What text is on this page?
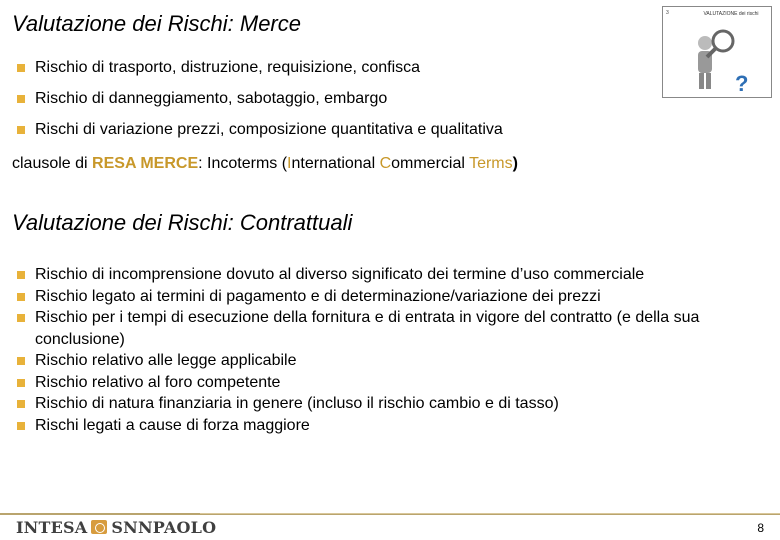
Valutazione dei Rischi: Merce	3	VALUTAZIONE dei rischi
?
Rischio di trasporto, distruzione, requisizione, confisca
Rischio di danneggiamento, sabotaggio, embargo
Rischi di variazione prezzi, composizione quantitativa e qualitativa
clausole di RESA MERCE: Incoterms (International Commercial Terms)
Valutazione dei Rischi: Contrattuali
Rischio di incomprensione dovuto al diverso significato dei termine d’uso commerciale
Rischio legato ai termini di pagamento e di determinazione/variazione dei prezzi
Rischio per i tempi di esecuzione della fornitura e di entrata in vigore del contratto (e della sua conclusione)
Rischio relativo alle legge applicabile
Rischio relativo al foro competente
Rischio di natura finanziaria in genere (incluso il rischio cambio e di tasso)
Rischi legati a cause di forza maggiore
INTESA SNNPAOLO	8
